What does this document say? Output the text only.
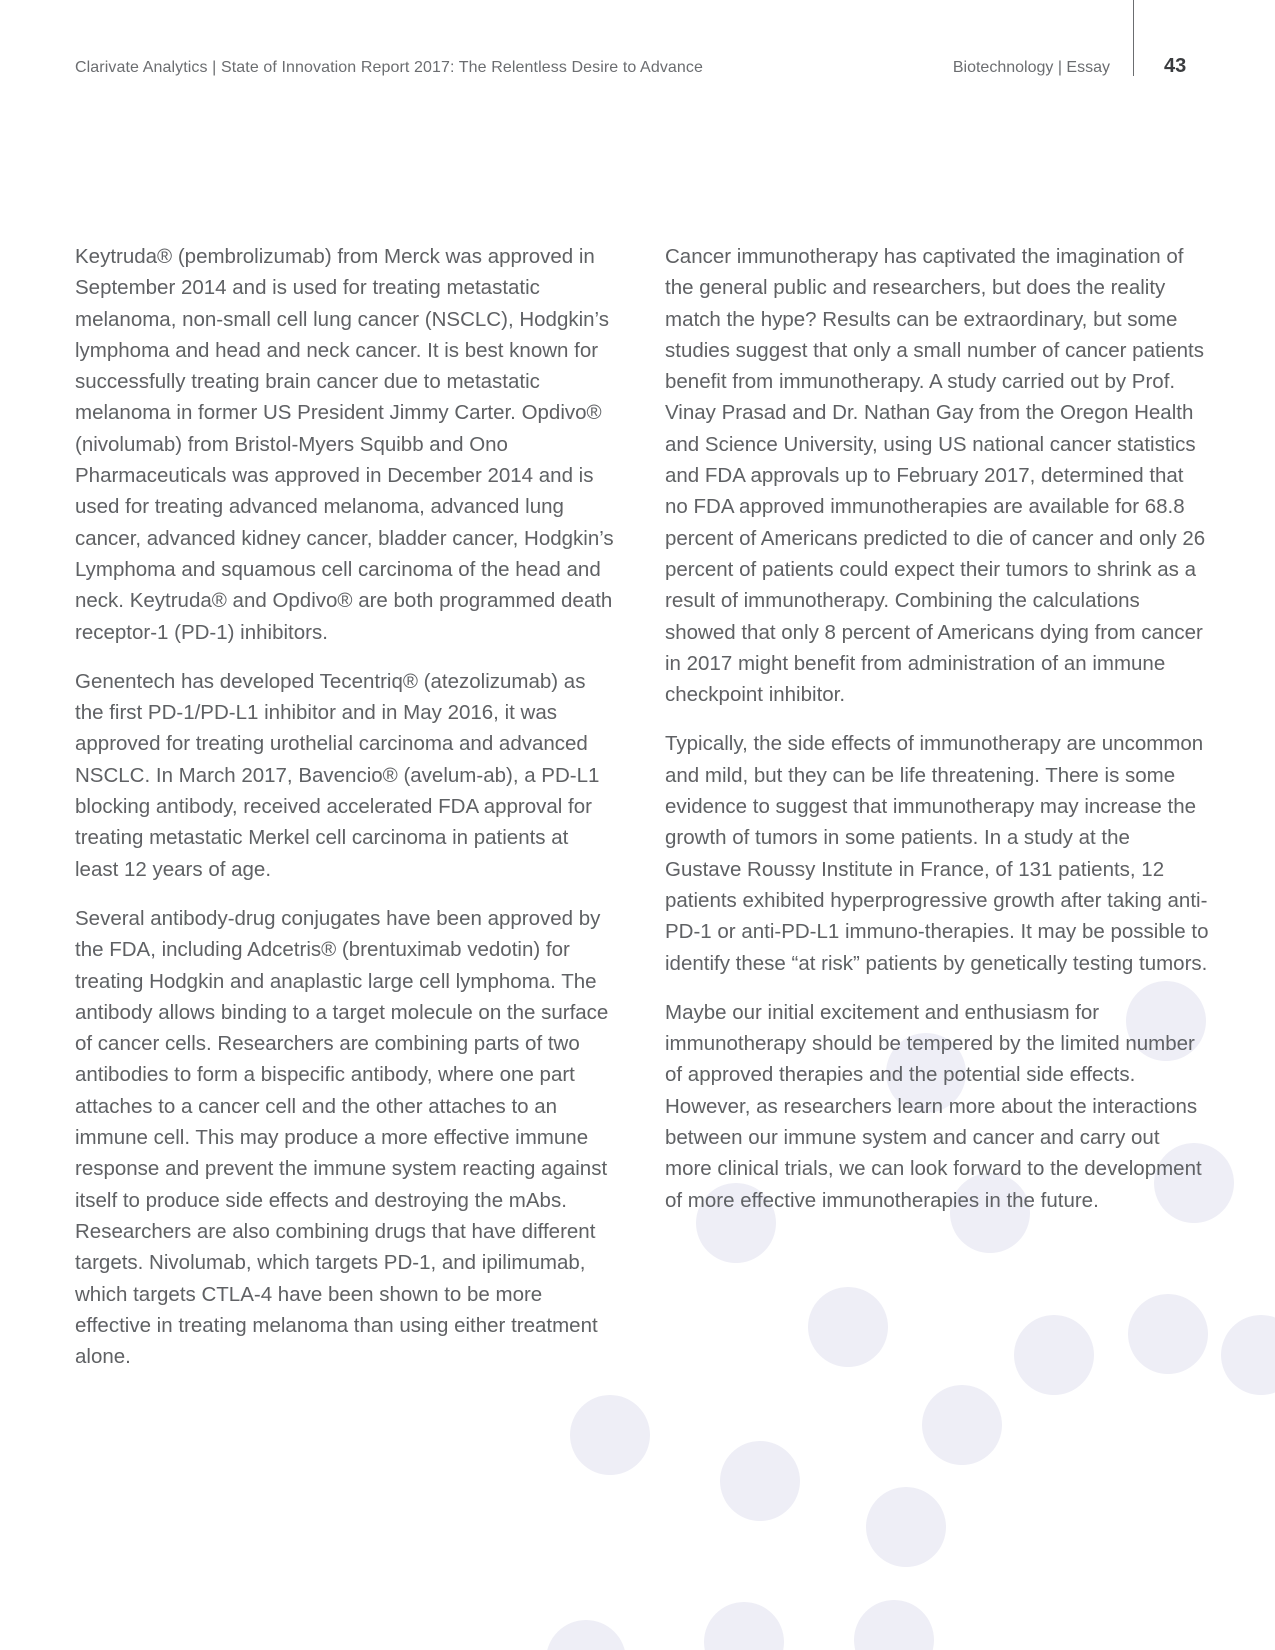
Clarivate Analytics | State of Innovation Report 2017: The Relentless Desire to Advance	Biotechnology | Essay	43

Keytruda® (pembrolizumab) from Merck was approved in September 2014 and is used for treating metastatic melanoma, non-small cell lung cancer (NSCLC), Hodgkin’s lymphoma and head and neck cancer. It is best known for successfully treating brain cancer due to metastatic melanoma in former US President Jimmy Carter. Opdivo® (nivolumab) from Bristol-Myers Squibb and Ono Pharmaceuticals was approved in December 2014 and is used for treating advanced melanoma, advanced lung cancer, advanced kidney cancer, bladder cancer, Hodgkin’s Lymphoma and squamous cell carcinoma of the head and neck. Keytruda® and Opdivo® are both programmed death receptor-1 (PD-1) inhibitors.

Genentech has developed Tecentriq® (atezolizumab) as the first PD-1/PD-L1 inhibitor and in May 2016, it was approved for treating urothelial carcinoma and advanced NSCLC. In March 2017, Bavencio® (avelum-ab), a PD-L1 blocking antibody, received accelerated FDA approval for treating metastatic Merkel cell carcinoma in patients at least 12 years of age.

Several antibody-drug conjugates have been approved by the FDA, including Adcetris® (brentuximab vedotin) for treating Hodgkin and anaplastic large cell lymphoma. The antibody allows binding to a target molecule on the surface of cancer cells. Researchers are combining parts of two antibodies to form a bispecific antibody, where one part attaches to a cancer cell and the other attaches to an immune cell. This may produce a more effective immune response and prevent the immune system reacting against itself to produce side effects and destroying the mAbs. Researchers are also combining drugs that have different targets. Nivolumab, which targets PD-1, and ipilimumab, which targets CTLA-4 have been shown to be more effective in treating melanoma than using either treatment alone.

Cancer immunotherapy has captivated the imagination of the general public and researchers, but does the reality match the hype? Results can be extraordinary, but some studies suggest that only a small number of cancer patients benefit from immunotherapy. A study carried out by Prof. Vinay Prasad and Dr. Nathan Gay from the Oregon Health and Science University, using US national cancer statistics and FDA approvals up to February 2017, determined that no FDA approved immunotherapies are available for 68.8 percent of Americans predicted to die of cancer and only 26 percent of patients could expect their tumors to shrink as a result of immunotherapy. Combining the calculations showed that only 8 percent of Americans dying from cancer in 2017 might benefit from administration of an immune checkpoint inhibitor.

Typically, the side effects of immunotherapy are uncommon and mild, but they can be life threatening. There is some evidence to suggest that immunotherapy may increase the growth of tumors in some patients. In a study at the Gustave Roussy Institute in France, of 131 patients, 12 patients exhibited hyperprogressive growth after taking anti-PD-1 or anti-PD-L1 immuno-therapies. It may be possible to identify these “at risk” patients by genetically testing tumors.

Maybe our initial excitement and enthusiasm for immunotherapy should be tempered by the limited number of approved therapies and the potential side effects. However, as researchers learn more about the interactions between our immune system and cancer and carry out more clinical trials, we can look forward to the development of more effective immunotherapies in the future.
